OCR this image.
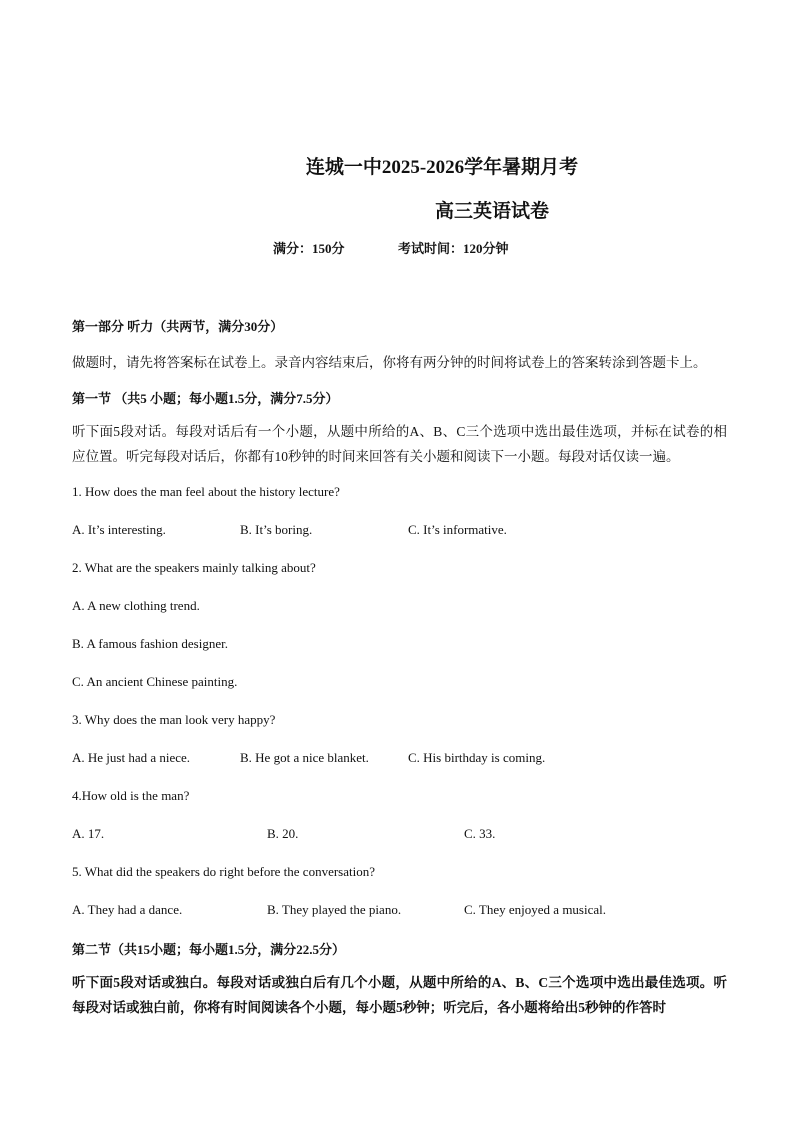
连城一中2025-2026学年暑期月考
高三英语试卷
满分：150分	考试时间：120分钟
第一部分 听力（共两节，满分30分）
做题时，请先将答案标在试卷上。录音内容结束后，你将有两分钟的时间将试卷上的答案转涂到答题卡上。
第一节 （共5 小题；每小题1.5分，满分7.5分）
听下面5段对话。每段对话后有一个小题，从题中所给的A、B、C三个选项中选出最佳选项，并标在试卷的相应位置。听完每段对话后，你都有10秒钟的时间来回答有关小题和阅读下一小题。每段对话仅读一遍。
1. How does the man feel about the history lecture?
A. It’s interesting.	B. It’s boring.	C. It’s informative.
2. What are the speakers mainly talking about?
A. A new clothing trend.
B. A famous fashion designer.
C. An ancient Chinese painting.
3. Why does the man look very happy?
A. He just had a niece.	B. He got a nice blanket.	C. His birthday is coming.
4.How old is the man?
A. 17.	B. 20.	C. 33.
5. What did the speakers do right before the conversation?
A. They had a dance.	B. They played the piano.	C. They enjoyed a musical.
第二节（共15小题；每小题1.5分，满分22.5分）
听下面5段对话或独白。每段对话或独白后有几个小题，从题中所给的A、B、C三个选项中选出最佳选项。听每段对话或独白前，你将有时间阅读各个小题，每小题5秒钟；听完后，各小题将给出5秒钟的作答时
